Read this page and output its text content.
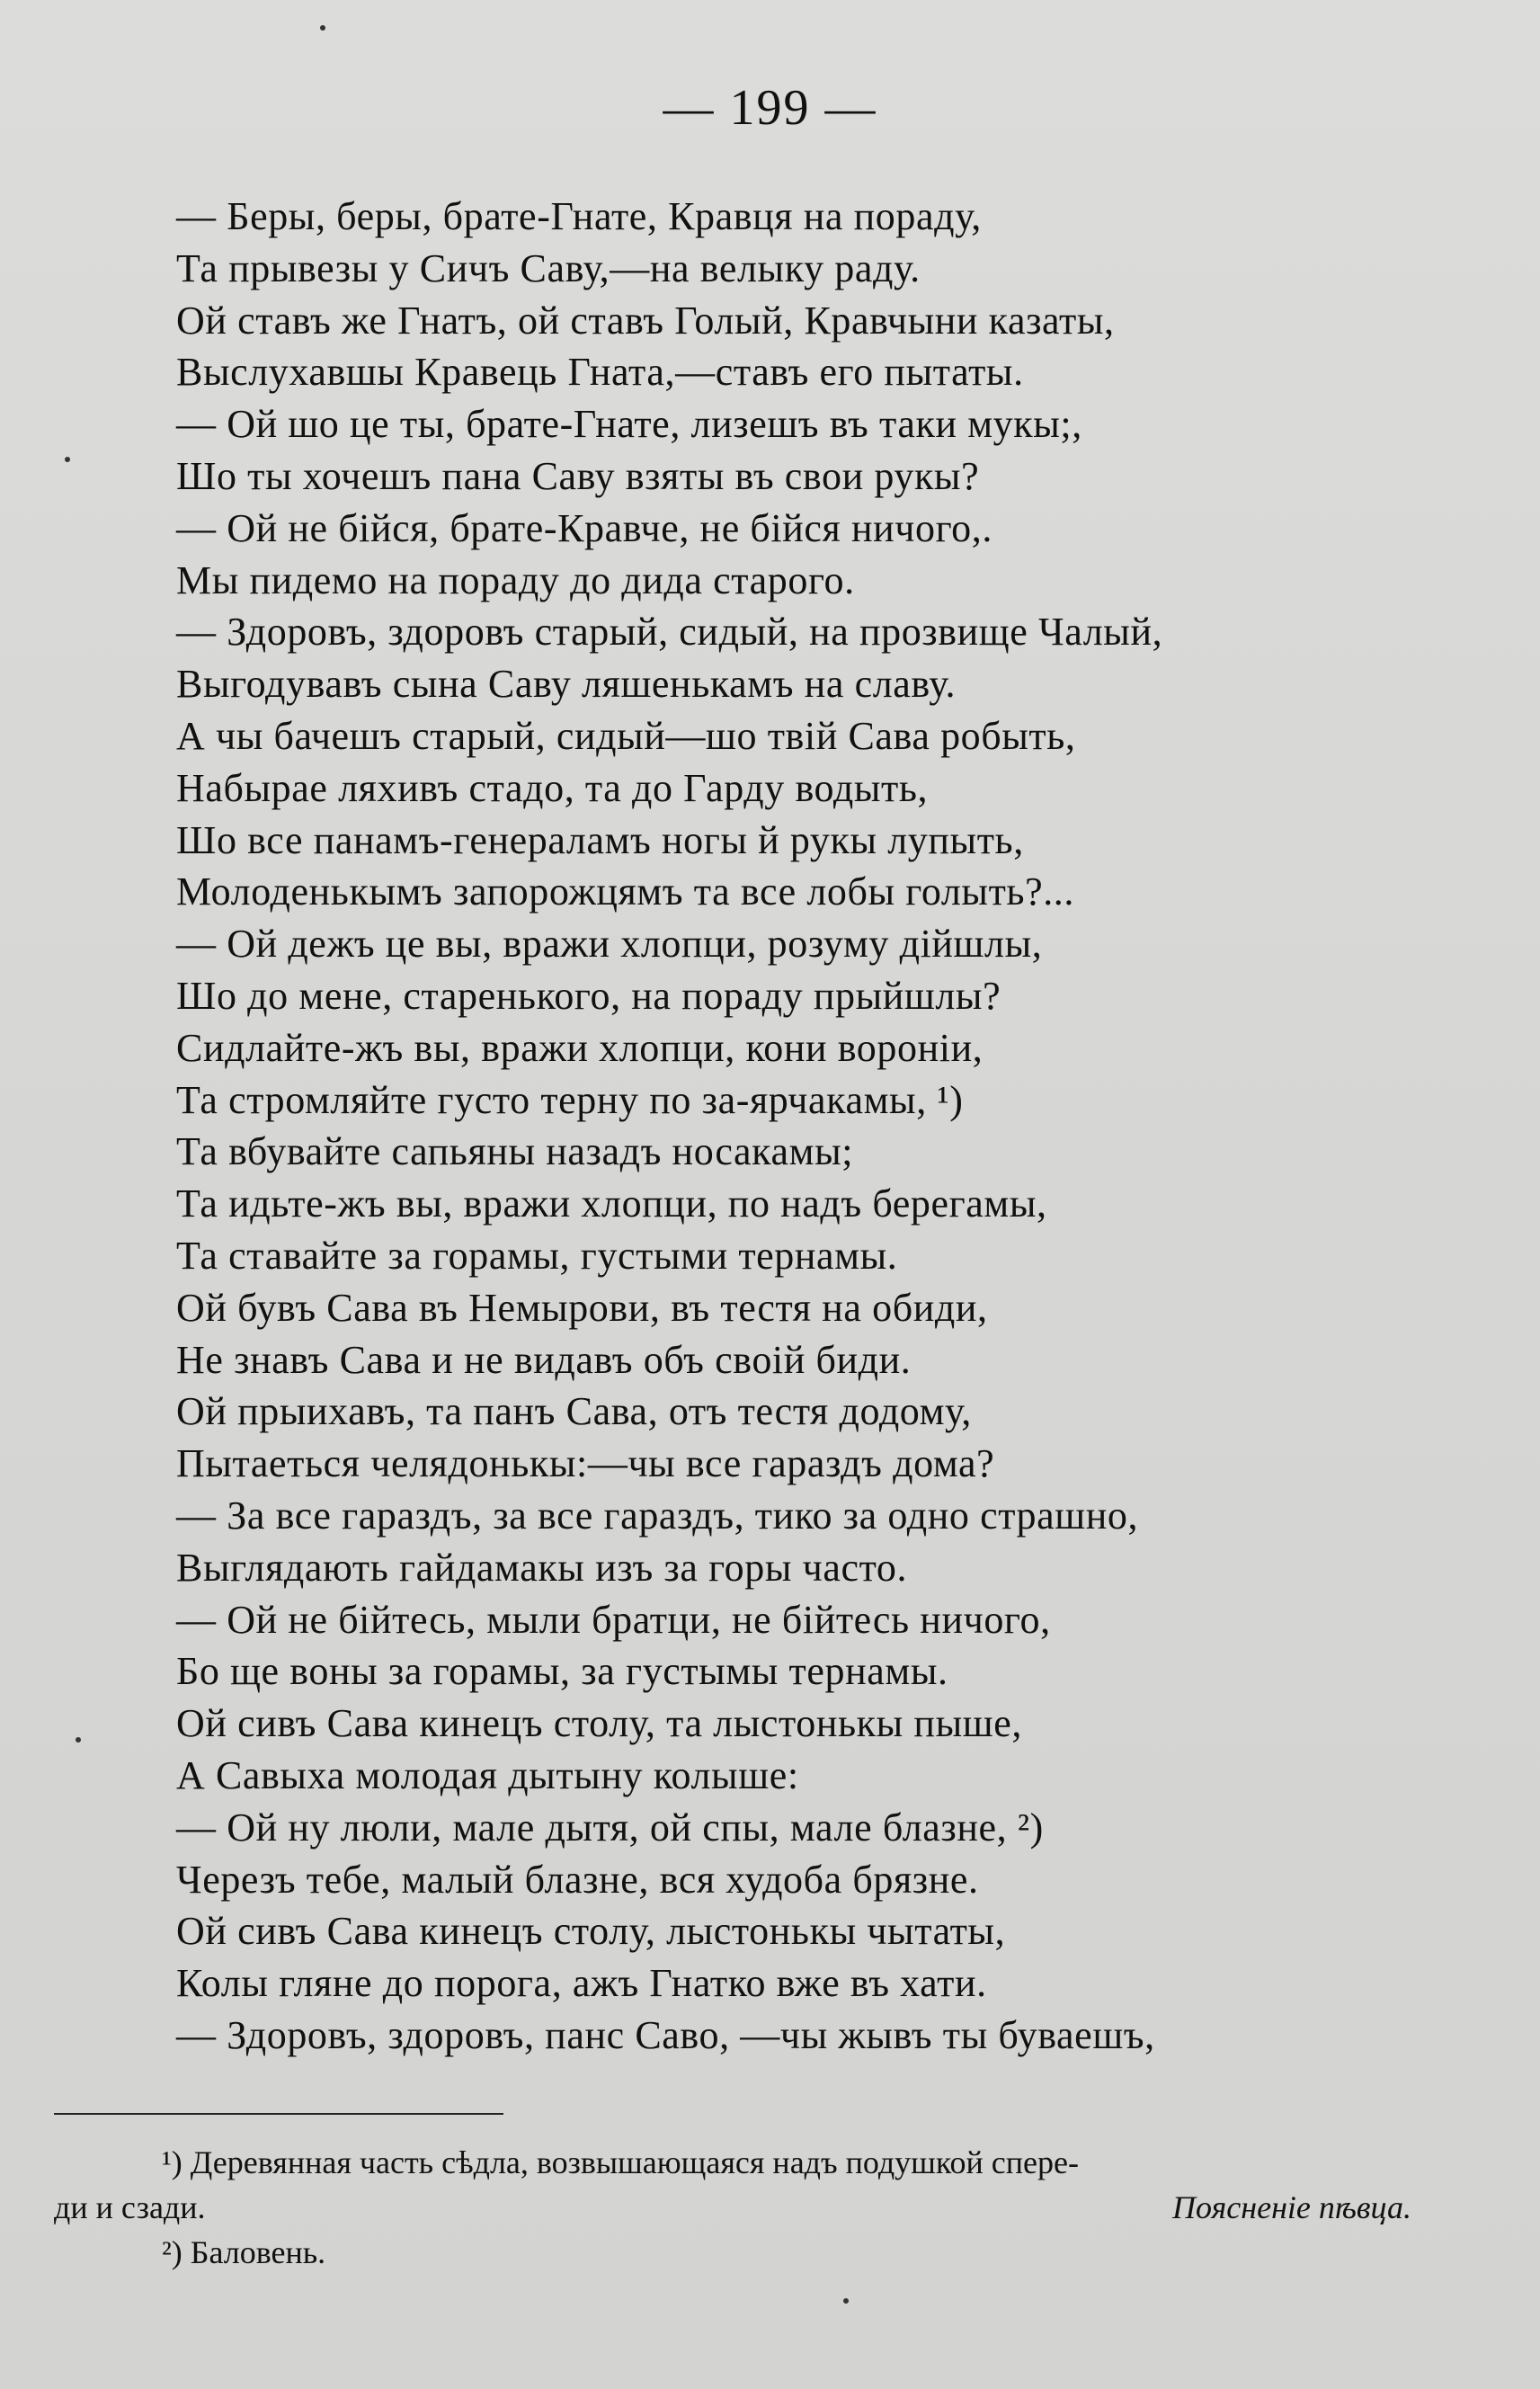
— 199 —
— Беры, беры, брате-Гнате, Кравця на пораду,
Та прывезы у Сичъ Саву,—на велыку раду.
Ой ставъ же Гнатъ, ой ставъ Голый, Кравчыни казаты,
Выслухавшы Кравець Гната,—ставъ его пытаты.
— Ой шо це ты, брате-Гнате, лизешъ въ таки мукы;,
Шо ты хочешъ пана Саву взяты въ свои рукы?
— Ой не бійся, брате-Кравче, не бійся ничого,.
Мы пидемо на пораду до дида старого.
— Здоровъ, здоровъ старый, сидый, на прозвище Чалый,
Выгодувавъ сына Саву ляшенькамъ на славу.
А чы бачешъ старый, сидый—шо твій Сава робыть,
Набырае ляхивъ стадо, та до Гарду водыть,
Шо все панамъ-генераламъ ногы й рукы лупыть,
Молоденькымъ запорожцямъ та все лобы голыть?...
— Ой дежъ це вы, вражи хлопци, розуму дійшлы,
Шо до мене, старенького, на пораду прыйшлы?
Сидлайте-жъ вы, вражи хлопци, кони вороніи,
Та стромляйте густо терну по за-ярчакамы, ¹)
Та вбувайте сапьяны назадъ носакамы;
Та идьте-жъ вы, вражи хлопци, по надъ берегамы,
Та ставайте за горамы, густыми тернамы.
Ой бувъ Сава въ Немырови, въ тестя на обиди,
Не знавъ Сава и не видавъ объ своій биди.
Ой прыихавъ, та панъ Сава, отъ тестя додому,
Пытаеться челядонькы:—чы все гараздъ дома?
— За все гараздъ, за все гараздъ, тико за одно страшно,
Выглядають гайдамакы изъ за горы часто.
— Ой не бійтесь, мыли братци, не бійтесь ничого,
Бо ще воны за горамы, за густымы тернамы.
Ой сивъ Сава кинецъ столу, та лыстонькы пыше,
А Савыха молодая дытыну колыше:
— Ой ну люли, мале дытя, ой спы, мале блазне, ²)
Черезъ тебе, малый блазне, вся худоба брязне.
Ой сивъ Сава кинецъ столу, лыстонькы чытаты,
Колы гляне до порога, ажъ Гнатко вже въ хати.
— Здоровъ, здоровъ, панс Саво, —чы жывъ ты буваешъ,
¹) Деревянная часть сѣдла, возвышающаяся надъ подушкой спере-
ди и сзади.	Поясненіе пѣвца.
²) Баловень.
